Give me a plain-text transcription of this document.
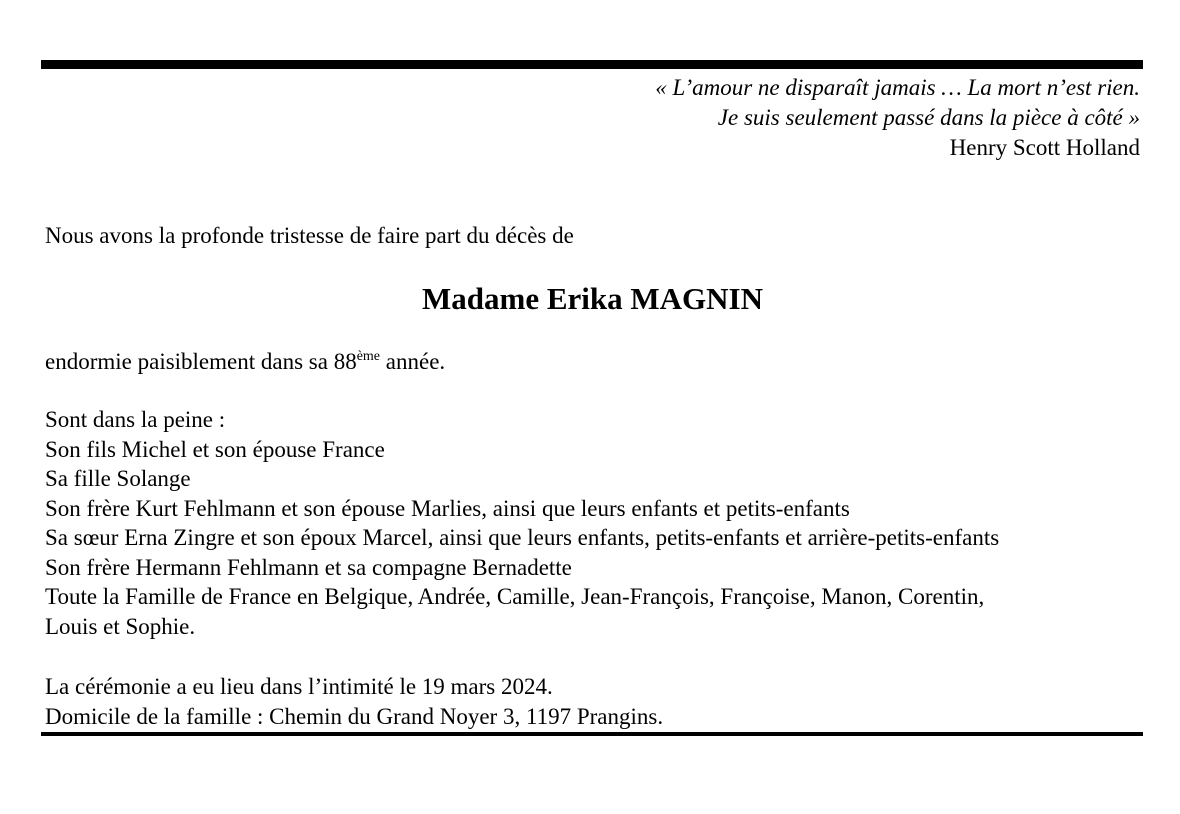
« L’amour ne disparaît jamais … La mort n’est rien.
Je suis seulement passé dans la pièce à côté »
Henry Scott Holland
Nous avons la profonde tristesse de faire part du décès de
Madame Erika MAGNIN
endormie paisiblement dans sa 88ème année.
Sont dans la peine :
Son fils Michel et son épouse France
Sa fille Solange
Son frère Kurt Fehlmann et son épouse Marlies, ainsi que leurs enfants et petits-enfants
Sa sœur Erna Zingre et son époux Marcel, ainsi que leurs enfants, petits-enfants et arrière-petits-enfants
Son frère Hermann Fehlmann et sa compagne Bernadette
Toute la Famille de France en Belgique, Andrée, Camille, Jean-François, Françoise, Manon, Corentin,
Louis et Sophie.
La cérémonie a eu lieu dans l’intimité le 19 mars 2024.
Domicile de la famille : Chemin du Grand Noyer 3, 1197 Prangins.
